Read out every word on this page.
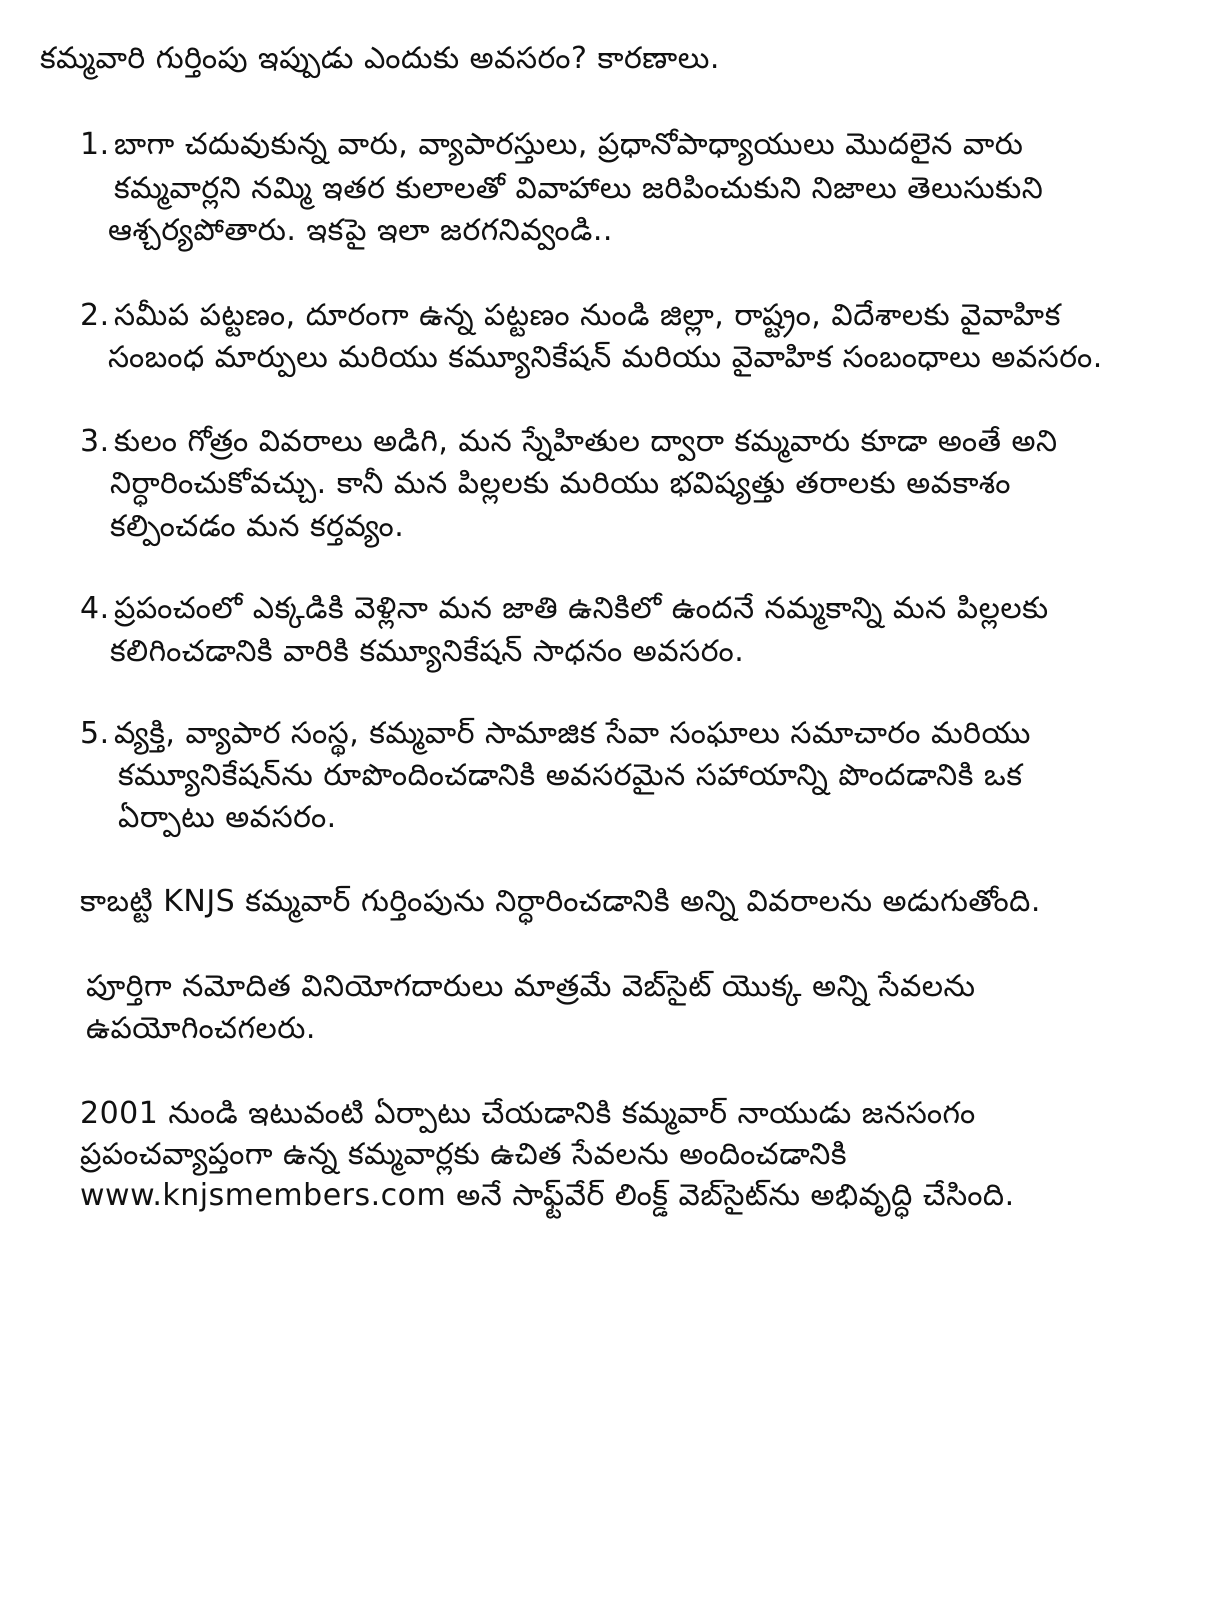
కమ్మవారి గుర్తింపు ఇప్పుడు ఎందుకు అవసరం? కారణాలు.
1. బాగా చదువుకున్న వారు, వ్యాపారస్తులు, ప్రధానోపాధ్యాయులు మొదలైన వారు
కమ్మవార్లని నమ్మి ఇతర కులాలతో వివాహాలు జరిపించుకుని నిజాలు తెలుసుకుని
ఆశ్చర్యపోతారు. ఇకపై ఇలా జరగనివ్వండి..
2. సమీప పట్టణం, దూరంగా ఉన్న పట్టణం నుండి జిల్లా, రాష్ట్రం, విదేశాలకు వైవాహిక
సంబంధ మార్పులు మరియు కమ్యూనికేషన్ మరియు వైవాహిక సంబంధాలు అవసరం.
3. కులం గోత్రం వివరాలు అడిగి, మన స్నేహితుల ద్వారా కమ్మవారు కూడా అంతే అని
నిర్ధారించుకోవచ్చు. కానీ మన పిల్లలకు మరియు భవిష్యత్తు తరాలకు అవకాశం
కల్పించడం మన కర్తవ్యం.
4. ప్రపంచంలో ఎక్కడికి వెళ్లినా మన జాతి ఉనికిలో ఉందనే నమ్మకాన్ని మన పిల్లలకు
కలిగించడానికి వారికి కమ్యూనికేషన్ సాధనం అవసరం.
5. వ్యక్తి, వ్యాపార సంస్థ, కమ్మవార్ సామాజిక సేవా సంఘాలు సమాచారం మరియు
కమ్యూనికేషన్‌ను రూపొందించడానికి అవసరమైన సహాయాన్ని పొందడానికి ఒక
ఏర్పాటు అవసరం.
కాబట్టి KNJS కమ్మవార్ గుర్తింపును నిర్ధారించడానికి అన్ని వివరాలను అడుగుతోంది.
పూర్తిగా నమోదిత వినియోగదారులు మాత్రమే వెబ్‌సైట్ యొక్క అన్ని సేవలను
ఉపయోగించగలరు.
2001 నుండి ఇటువంటి ఏర్పాటు చేయడానికి కమ్మవార్ నాయుడు జనసంగం
ప్రపంచవ్యాప్తంగా ఉన్న కమ్మవార్లకు ఉచిత సేవలను అందించడానికి
www.knjsmembers.com అనే సాఫ్ట్‌వేర్ లింక్డ్ వెబ్‌సైట్‌ను అభివృద్ధి చేసింది.
